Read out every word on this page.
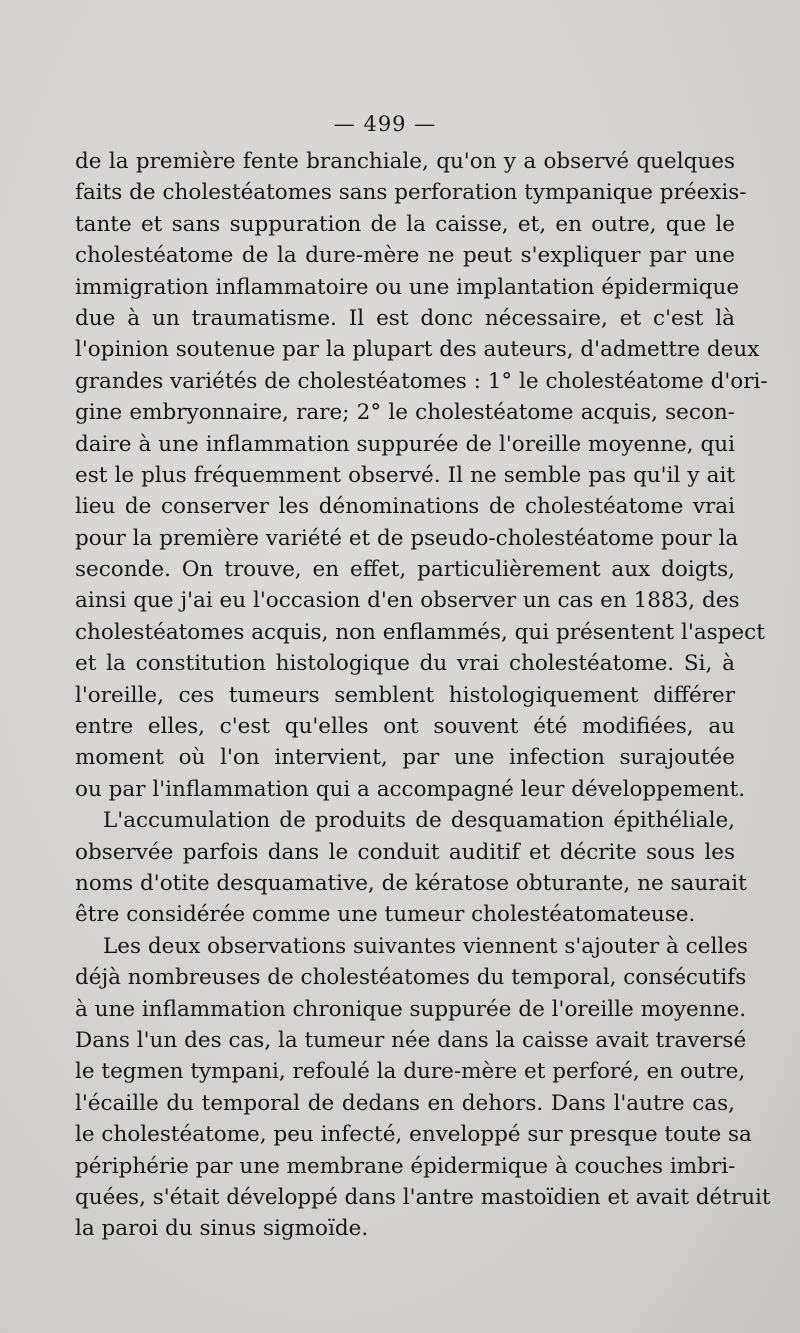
— 499 —
de la première fente branchiale, qu'on y a observé quelques
faits de cholestéatomes sans perforation tympanique préexis-
tante et sans suppuration de la caisse, et, en outre, que le
cholestéatome de la dure-mère ne peut s'expliquer par une
immigration inflammatoire ou une implantation épidermique
due à un traumatisme. Il est donc nécessaire, et c'est là
l'opinion soutenue par la plupart des auteurs, d'admettre deux
grandes variétés de cholestéatomes : 1° le cholestéatome d'ori-
gine embryonnaire, rare; 2° le cholestéatome acquis, secon-
daire à une inflammation suppurée de l'oreille moyenne, qui
est le plus fréquemment observé. Il ne semble pas qu'il y ait
lieu de conserver les dénominations de cholestéatome vrai
pour la première variété et de pseudo-cholestéatome pour la
seconde. On trouve, en effet, particulièrement aux doigts,
ainsi que j'ai eu l'occasion d'en observer un cas en 1883, des
cholestéatomes acquis, non enflammés, qui présentent l'aspect
et la constitution histologique du vrai cholestéatome. Si, à
l'oreille, ces tumeurs semblent histologiquement différer
entre elles, c'est qu'elles ont souvent été modifiées, au
moment où l'on intervient, par une infection surajoutée
ou par l'inflammation qui a accompagné leur développement.
L'accumulation de produits de desquamation épithéliale,
observée parfois dans le conduit auditif et décrite sous les
noms d'otite desquamative, de kératose obturante, ne saurait
être considérée comme une tumeur cholestéatomateuse.
Les deux observations suivantes viennent s'ajouter à celles
déjà nombreuses de cholestéatomes du temporal, consécutifs
à une inflammation chronique suppurée de l'oreille moyenne.
Dans l'un des cas, la tumeur née dans la caisse avait traversé
le tegmen tympani, refoulé la dure-mère et perforé, en outre,
l'écaille du temporal de dedans en dehors. Dans l'autre cas,
le cholestéatome, peu infecté, enveloppé sur presque toute sa
périphérie par une membrane épidermique à couches imbri-
quées, s'était développé dans l'antre mastoïdien et avait détruit
la paroi du sinus sigmoïde.
